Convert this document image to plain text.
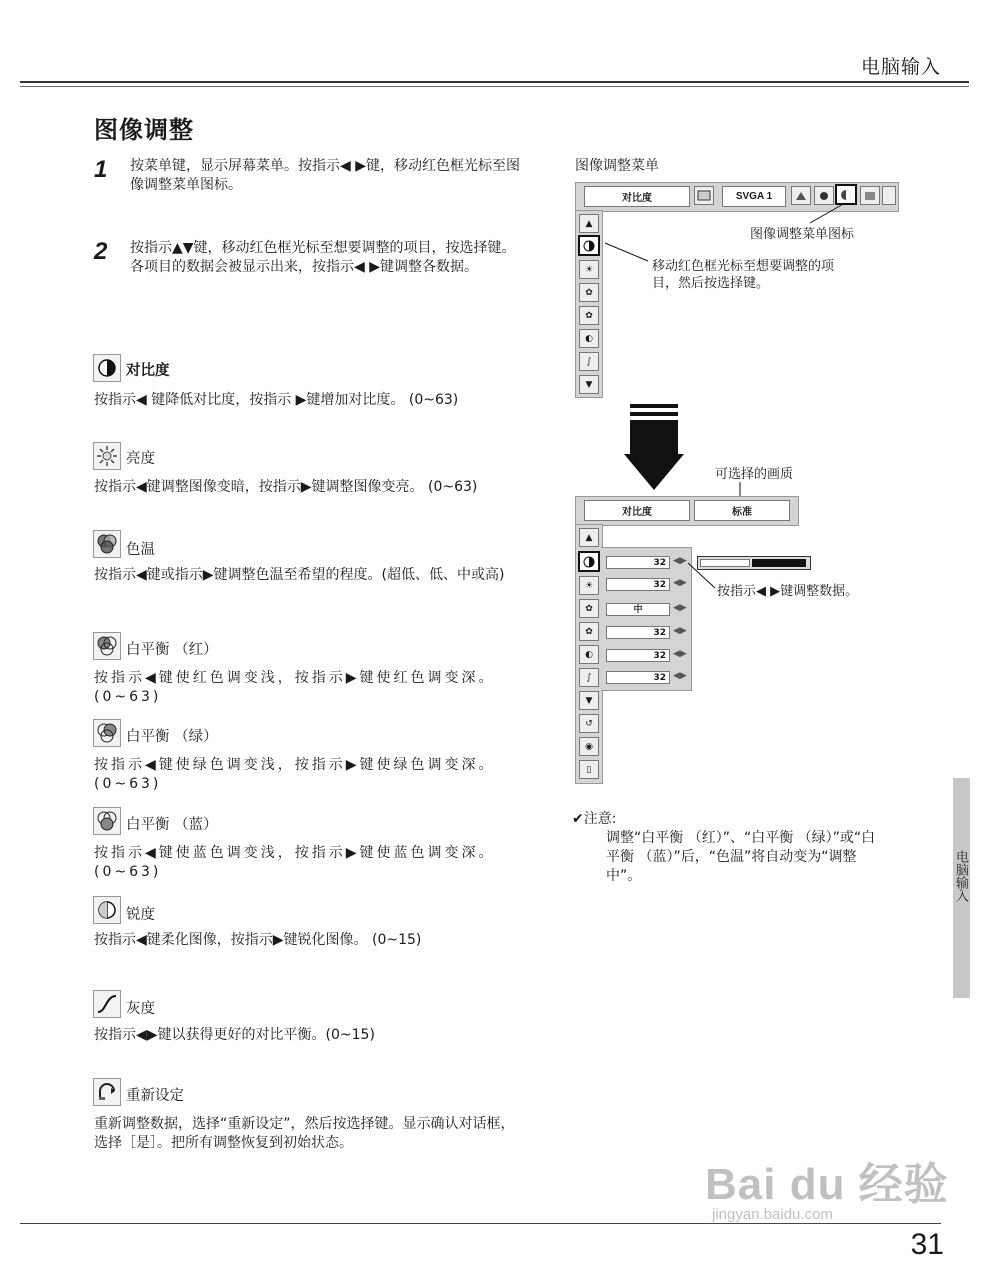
电脑输入
图像调整
1 按菜单键，显示屏幕菜单。按指示◀ ▶键，移动红色框光标至图像调整菜单图标。
2 按指示▲▼键，移动红色框光标至想要调整的项目，按选择键。各项目的数据会被显示出来，按指示◀ ▶键调整各数据。
对比度
按指示◀ 键降低对比度，按指示 ▶键增加对比度。 (0~63)
亮度
按指示◀键调整图像变暗，按指示▶键调整图像变亮。 (0~63)
色温
按指示◀键或指示▶键调整色温至希望的程度。(超低、低、中或高)
白平衡 （红）
按指示◀键使红色调变浅，按指示▶键使红色调变深。(0~63)
白平衡 （绿）
按指示◀键使绿色调变浅，按指示▶键使绿色调变深。(0~63)
白平衡 （蓝）
按指示◀键使蓝色调变浅，按指示▶键使蓝色调变深。(0~63)
锐度
按指示◀键柔化图像，按指示▶键锐化图像。 (0~15)
灰度
按指示◀▶键以获得更好的对比平衡。(0~15)
重新设定
重新调整数据，选择“重新设定”，然后按选择键。显示确认对话框，选择［是］。把所有调整恢复到初始状态。
图像调整菜单
对比度	SVGA 1
▲
☀
✿
✿
◐
∫
▼
图像调整菜单图标
移动红色框光标至想要调整的项目，然后按选择键。
可选择的画质
对比度	标准
▲
☀
✿
✿
◐
∫
▼
↺
◉
▯
32 ◀▶
32 ◀▶
中	◀▶
32 ◀▶
32 ◀▶
32 ◀▶
按指示◀ ▶键调整数据。
✔注意:
调整“白平衡 （红）”、“白平衡 （绿）”或“白平衡 （蓝）”后，“色温”将自动变为“调整中”。	电脑输入
Bai du 经验
jingyan.baidu.com
31
